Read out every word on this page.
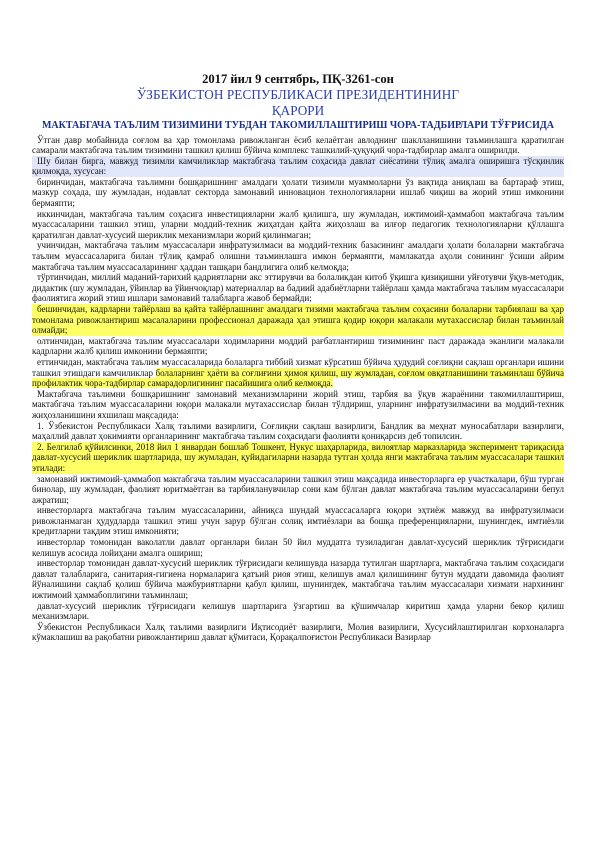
2017 йил 9 сентябрь, ПҚ-3261-сон

ЎЗБЕКИСТОН РЕСПУБЛИКАСИ ПРЕЗИДЕНТИНИНГ

ҚАРОРИ

МАКТАБГАЧА ТАЪЛИМ ТИЗИМИНИ ТУБДАН ТАКОМИЛЛАШТИРИШ ЧОРА-ТАДБИРЛАРИ ТЎҒРИСИДА

Ўтган давр мобайнида соғлом ва ҳар томонлама ривожланган ёсиб келаётган авлоднинг шаклланишини таъминлашга қаратилган самарали мактабгача таълим тизимини ташкил қилиш бўйича комплекс ташкилий-ҳуқуқий чора-тадбирлар амалга оширилди.

Шу билан бирга, мавжуд тизимли камчиликлар мактабгача таълим соҳасида давлат сиёсатини тўлиқ амалга оширишга тўсқинлик қилмоқда, хусусан:

биринчидан, мактабгача таълимни бошқаришнинг амалдаги ҳолати тизимли муаммоларни ўз вақтида аниқлаш ва бартараф этиш, мазкур соҳада, шу жумладан, нодавлат секторда замонавий инновацион технологияларни ишлаб чиқиш ва жорий этиш имконини бермаяпти;

иккинчидан, мактабгача таълим соҳасига инвестицияларни жалб қилишга, шу жумладан, ижтимоий-ҳаммабоп мактабгача таълим муассасаларини ташкил этиш, уларни моддий-техник жиҳатдан қайта жиҳозлаш ва илғор педагогик технологияларни қўллашга қаратилган давлат-хусусий шериклик механизмлари жорий қилинмаган;

учинчидан, мактабгача таълим муассасалари инфратузилмаси ва моддий-техник базасининг амалдаги ҳолати болаларни мактабгача таълим муассасаларига билан тўлиқ қамраб олишни таъминлашга имкон бермаяпти, мамлакатда аҳоли сонининг ўсиши айрим мактабгача таълим муассасаларининг ҳаддан ташқари бандлигига олиб келмоқда;

тўртинчидан, миллий маданий-тарихий қадриятларни акс эттирувчи ва болаликдан китоб ўқишга қизиқишни уйғотувчи ўқув-методик, дидактик (шу жумладан, ўйинлар ва ўйинчоқлар) материаллар ва бадиий адабиётларни тайёрлаш ҳамда мактабгача таълим муассасалари фаолиятига жорий этиш ишлари замонавий талабларга жавоб бермайди;

бешинчидан, кадрларни тайёрлаш ва қайта тайёрлашнинг амалдаги тизими мактабгача таълим соҳасини болаларни тарбиялаш ва ҳар томонлама ривожлантириш масалаларини профессионал даражада ҳал этишга қодир юқори малакали мутахассислар билан таъминлай олмайди;

олтинчидан, мактабгача таълим муассасалари ходимларини моддий рағбатлантириш тизимининг паст даражада эканлиги малакали кадрларни жалб қилиш имконини бермаяпти;

еттинчидан, мактабгача таълим муассасаларида болаларга тиббий хизмат кўрсатиш бўйича ҳудудий соғлиқни сақлаш органлари ишини ташкил этишдаги камчиликлар болаларнинг ҳаёти ва соғлиғини ҳимоя қилиш, шу жумладан, соғлом овқатланишини таъминлаш бўйича профилактик чора-тадбирлар самарадорлигининг пасайишига олиб келмоқда.

Мактабгача таълимни бошқаришнинг замонавий механизмларини жорий этиш, тарбия ва ўқув жараёнини такомиллаштириш, мактабгача таълим муассасаларини юқори малакали мутахассислар билан тўлдириш, уларнинг инфратузилмасини ва моддий-техник жиҳозланишини яхшилаш мақсадида:

1. Ўзбекистон Республикаси Халқ таълими вазирлиги, Соғлиқни сақлаш вазирлиги, Бандлик ва меҳнат муносабатлари вазирлиги, маҳаллий давлат ҳокимияти органларининг мактабгача таълим соҳасидаги фаолияти қониқарсиз деб топилсин.

2. Белгилаб қўйилсинки, 2018 йил 1 январдан бошлаб Тошкент, Нукус шаҳарларида, вилоятлар марказларида эксперимент тариқасида давлат-хусусий шериклик шартларида, шу жумладан, қуйидагиларни назарда тутган ҳолда янги мактабгача таълим муассасалари ташкил этилади:

замонавий ижтимоий-ҳаммабоп мактабгача таълим муассасаларини ташкил этиш мақсадида инвесторларга ер участкалари, бўш турган бинолар, шу жумладан, фаолият юритмаётган ва тарбияланувчилар сони кам бўлган давлат мактабгача таълим муассасаларини бепул ажратиш;

инвесторларга мактабгача таълим муассасаларини, айниқса шундай муассасаларга юқори эҳтиёж мавжуд ва инфратузилмаси ривожланмаган ҳудудларда ташкил этиш учун зарур бўлган солиқ имтиёзлари ва бошқа преференцияларни, шунингдек, имтиёзли кредитларни тақдим этиш имконияти;

инвесторлар томонидан ваколатли давлат органлари билан 50 йил муддатга тузиладиган давлат-хусусий шериклик тўғрисидаги келишув асосида лойиҳани амалга ошириш;

инвесторлар томонидан давлат-хусусий шериклик тўғрисидаги келишувда назарда тутилган шартларга, мактабгача таълим соҳасидаги давлат талабларига, санитария-гигиена нормаларига қатъий риоя этиш, келишув амал қилишининг бутун муддати давомида фаолият йўналишини сақлаб қолиш бўйича мажбуриятларни қабул қилиш, шунингдек, мактабгача таълим муассасалари хизмати нархининг ижтимоий ҳаммабоплигини таъминлаш;

давлат-хусусий шериклик тўғрисидаги келишув шартларига ўзгартиш ва қўшимчалар киритиш ҳамда уларни бекор қилиш механизмлари.

Ўзбекистон Республикаси Халқ таълими вазирлиги Иқтисодиёт вазирлиги, Молия вазирлиги, Хусусийлаштирилган корхоналарга кўмаклашиш ва рақобатни ривожлантириш давлат қўмитаси, Қорақалпоғистон Республикаси Вазирлар
